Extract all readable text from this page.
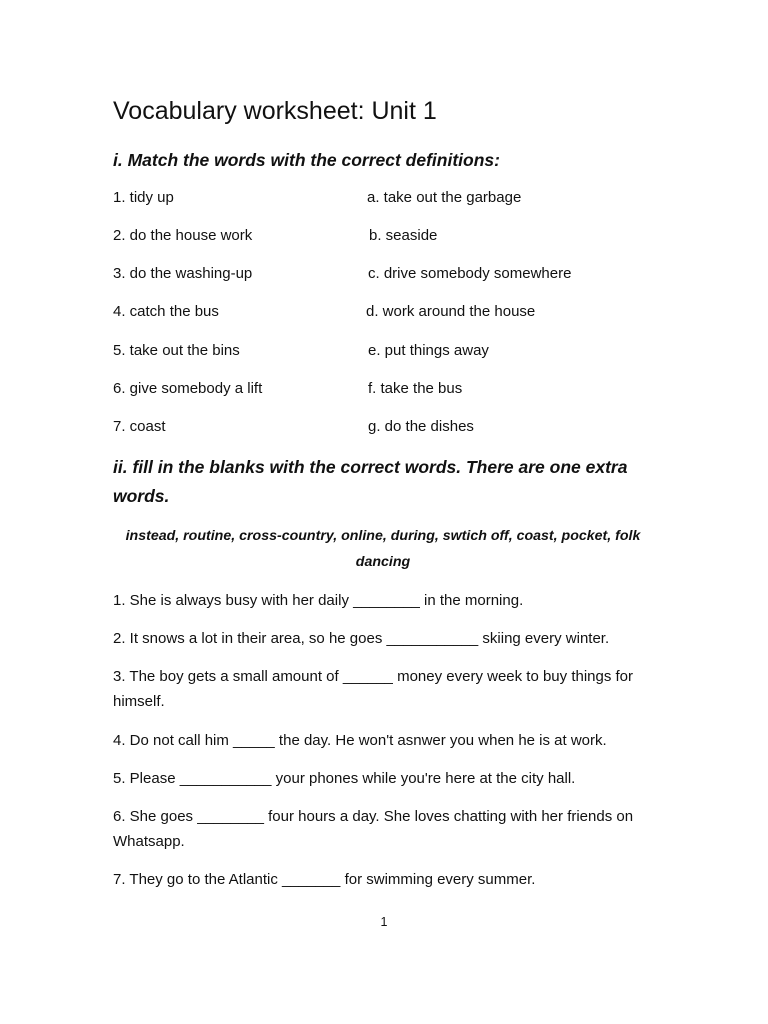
Vocabulary worksheet: Unit 1
i. Match the words with the correct definitions:
1. tidy up	a. take out the garbage
2. do the house work	b. seaside
3. do the washing-up	c. drive somebody somewhere
4. catch the bus	d. work around the house
5. take out the bins	e. put things away
6. give somebody a lift	f. take the bus
7. coast	g. do the dishes
ii. fill in the blanks with the correct words. There are one extra words.

instead, routine, cross-country, online, during, swtich off, coast, pocket, folk dancing

1. She is always busy with her daily ________ in the morning.

2. It snows a lot in their area, so he goes ___________ skiing every winter.

3. The boy gets a small amount of ______ money every week to buy things for himself.

4. Do not call him _____ the day. He won't asnwer you when he is at work.

5. Please ___________ your phones while you're here at the city hall.

6. She goes ________ four hours a day. She loves chatting with her friends on Whatsapp.

7. They go to the Atlantic _______ for swimming every summer.

1
